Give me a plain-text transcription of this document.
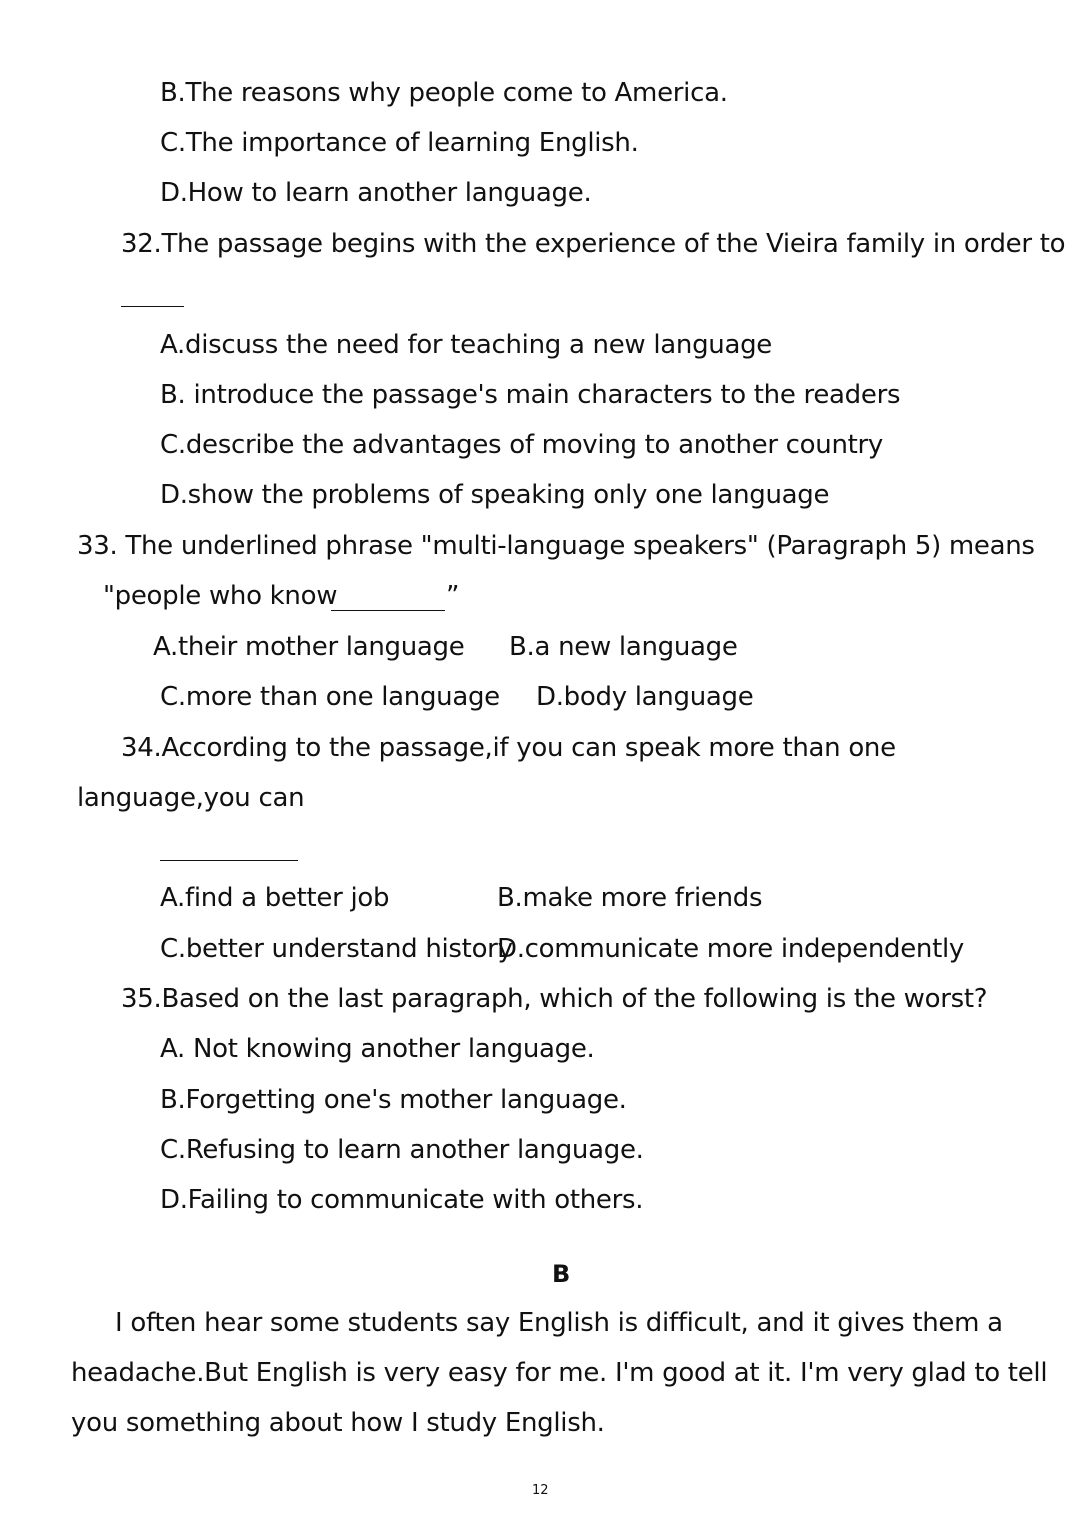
B.The reasons why people come to America.
C.The importance of learning English.
D.How to learn another language.
32.The passage begins with the experience of the Vieira family in order to
A.discuss the need for teaching a new language
B. introduce the passage's main characters to the readers
C.describe the advantages of moving to another country
D.show the problems of speaking only one language
33. The underlined phrase "multi-language speakers" (Paragraph 5) means
"people who know	”
A.their mother language B.a new language
C.more than one language D.body language
34.According to the passage,if you can speak more than one
language,you can
A.find a better job	B.make more friends
C.better understand history
D.communicate more independently
35.Based on the last paragraph, which of the following is the worst?
A. Not knowing another language.
B.Forgetting one's mother language.
C.Refusing to learn another language.
D.Failing to communicate with others.
B
I often hear some students say English is difficult, and it gives them a
headache.But English is very easy for me. I'm good at it. I'm very glad to tell
you something about how I study English.
12
